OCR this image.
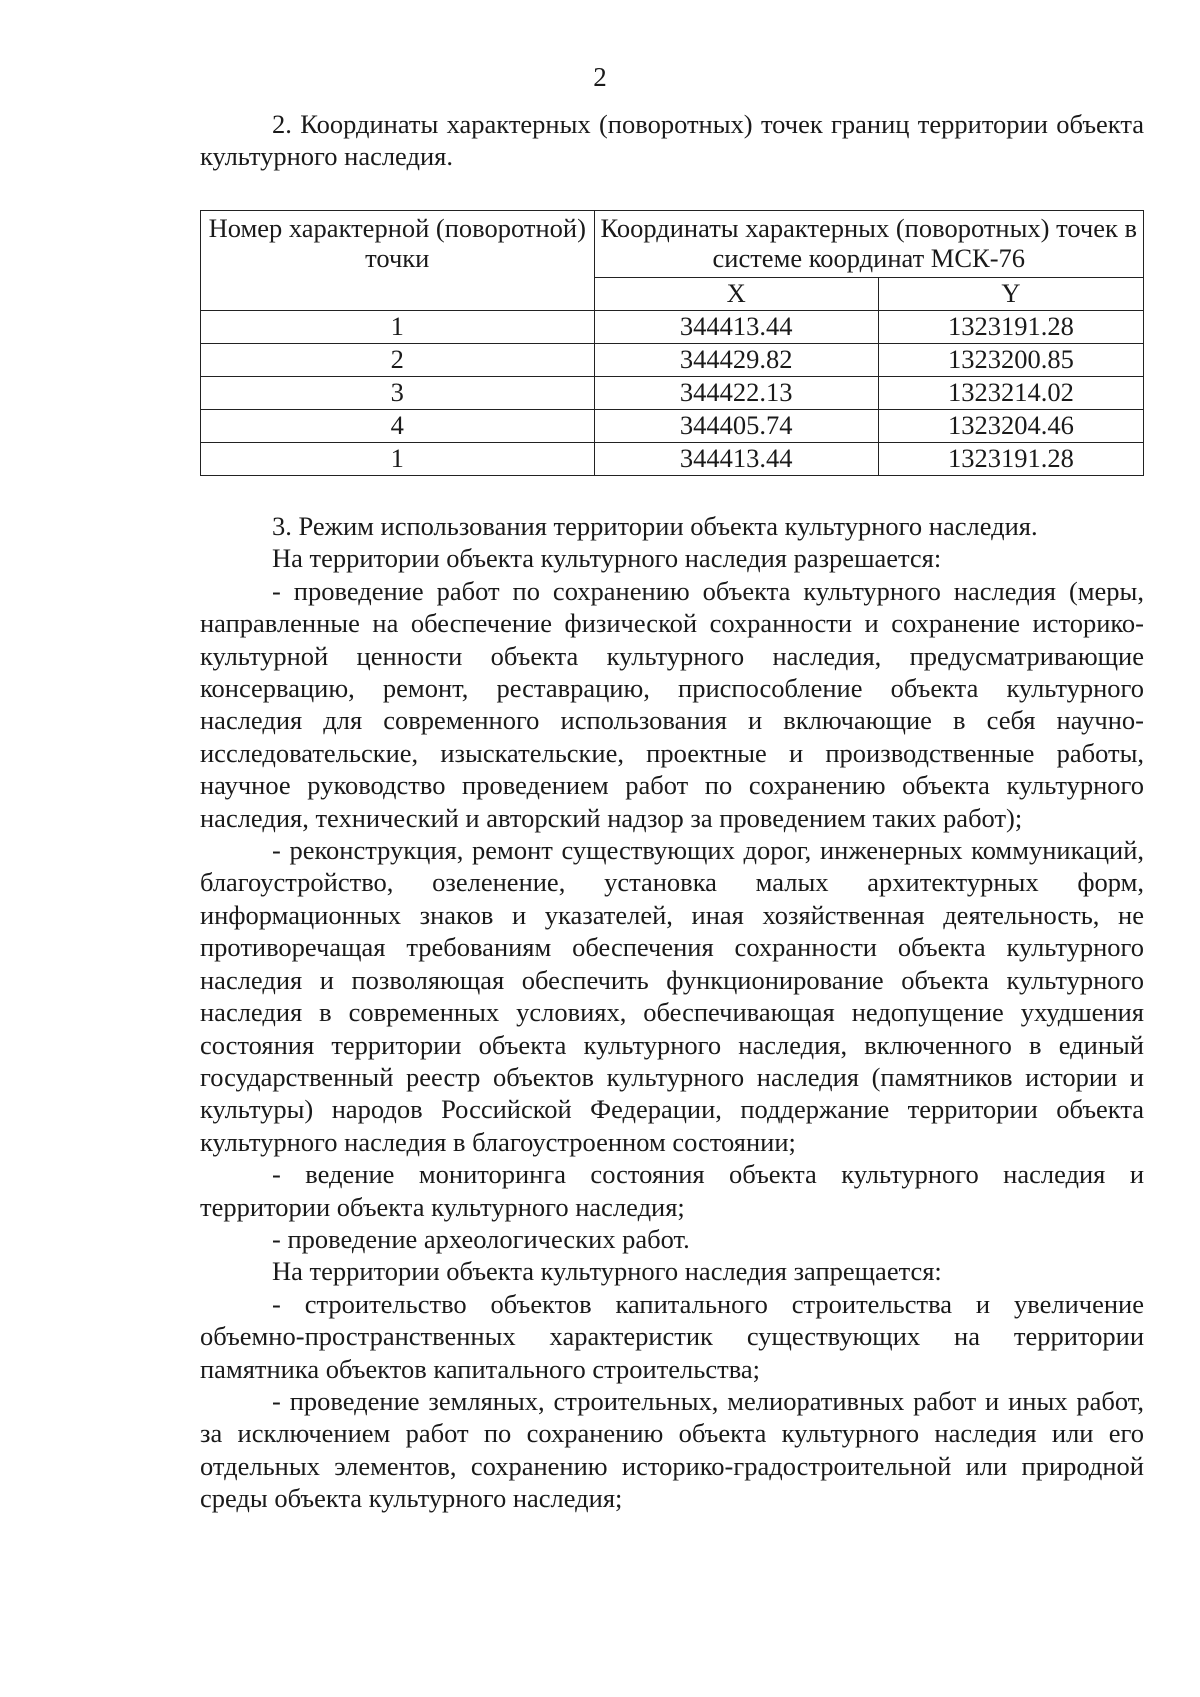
2

2. Координаты характерных (поворотных) точек границ территории объекта культурного наследия.

Номер характерной (поворотной) точки	Координаты характерных (поворотных) точек в системе координат МСК-76	
	X	Y
1	344413.44	1323191.28
2	344429.82	1323200.85
3	344422.13	1323214.02
4	344405.74	1323204.46
1	344413.44	1323191.28

3. Режим использования территории объекта культурного наследия.

На территории объекта культурного наследия разрешается:

- проведение работ по сохранению объекта культурного наследия (меры, направленные на обеспечение физической сохранности и сохранение историко-культурной ценности объекта культурного наследия, предусматривающие консервацию, ремонт, реставрацию, приспособление объекта культурного наследия для современного использования и включающие в себя научно-исследовательские, изыскательские, проектные и производственные работы, научное руководство проведением работ по сохранению объекта культурного наследия, технический и авторский надзор за проведением таких работ);

- реконструкция, ремонт существующих дорог, инженерных коммуникаций, благоустройство, озеленение, установка малых архитектурных форм, информационных знаков и указателей, иная хозяйственная деятельность, не противоречащая требованиям обеспечения сохранности объекта культурного наследия и позволяющая обеспечить функционирование объекта культурного наследия в современных условиях, обеспечивающая недопущение ухудшения состояния территории объекта культурного наследия, включенного в единый государственный реестр объектов культурного наследия (памятников истории и культуры) народов Российской Федерации, поддержание территории объекта культурного наследия в благоустроенном состоянии;

- ведение мониторинга состояния объекта культурного наследия и территории объекта культурного наследия;

- проведение археологических работ.

На территории объекта культурного наследия запрещается:

- строительство объектов капитального строительства и увеличение объемно-пространственных характеристик существующих на территории памятника объектов капитального строительства;

- проведение земляных, строительных, мелиоративных работ и иных работ, за исключением работ по сохранению объекта культурного наследия или его отдельных элементов, сохранению историко-градостроительной или природной среды объекта культурного наследия;
